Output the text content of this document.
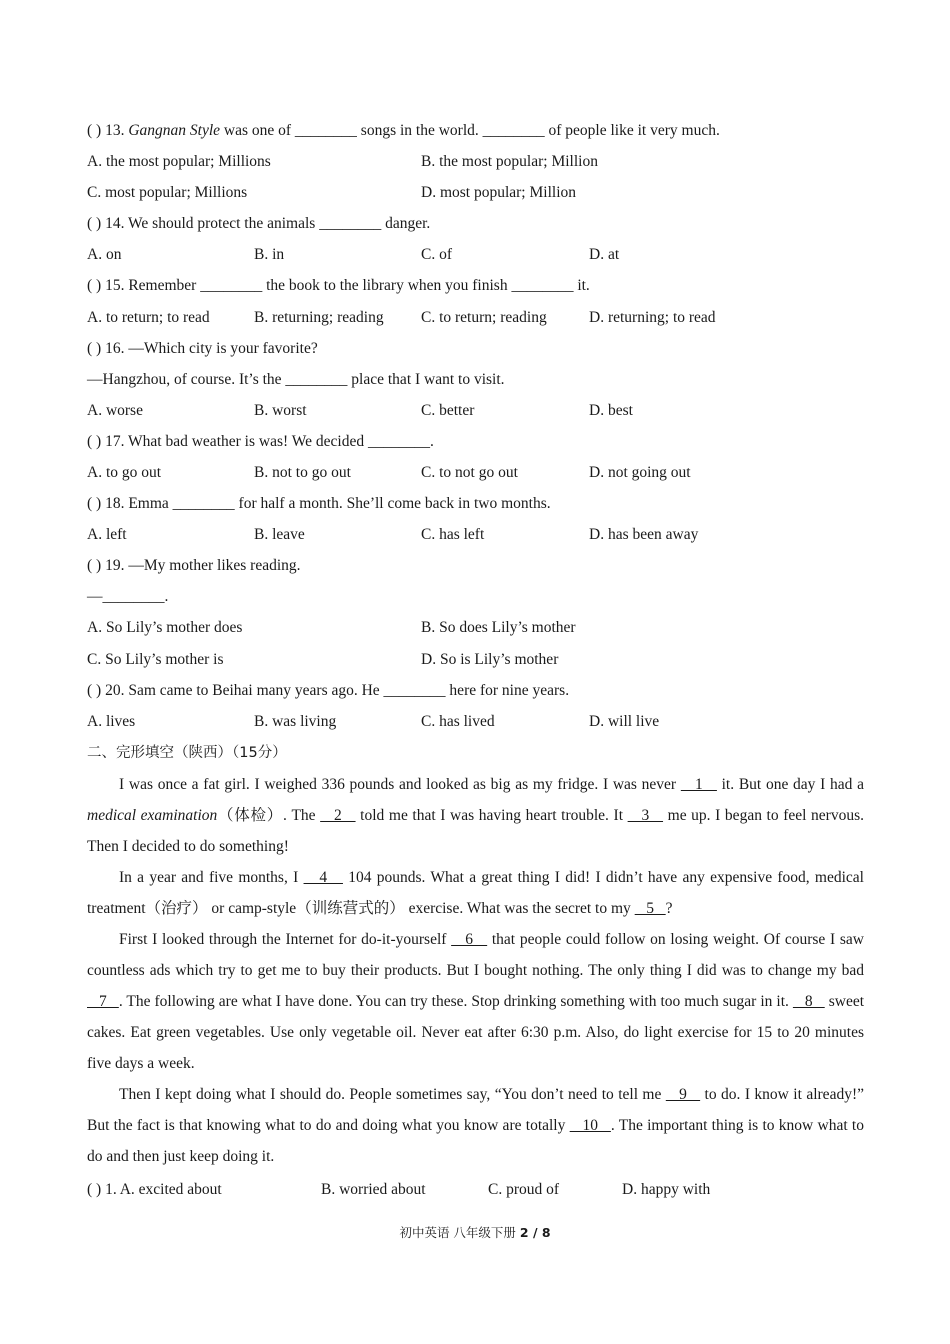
( ) 13. Gangnan Style was one of ________ songs in the world. ________ of people like it very much.
A. the most popular; Millions	B. the most popular; Million
C. most popular; Millions	D. most popular; Million
( ) 14. We should protect the animals ________ danger.
A. on	B. in	C. of	D. at
( ) 15. Remember ________ the book to the library when you finish ________ it.
A. to return; to read	B. returning; reading C. to return; reading	D. returning; to read
( ) 16. —Which city is your favorite?
—Hangzhou, of course. It’s the ________ place that I want to visit.
A. worse	B. worst	C. better	D. best
( ) 17. What bad weather is was! We decided ________.
A. to go out	B. not to go out	C. to not go out	D. not going out
( ) 18. Emma ________ for half a month. She’ll come back in two months.
A. left	B. leave	C. has left	D. has been away
( ) 19. —My mother likes reading.
—________.
A. So Lily’s mother does	B. So does Lily’s mother
C. So Lily’s mother is	D. So is Lily’s mother
( ) 20. Sam came to Beihai many years ago. He ________ here for nine years.
A. lives	B. was living	C. has lived	D. will live
二、完形填空（陕西）（15分）

I was once a fat girl. I weighed 336 pounds and looked as big as my fridge. I was never    1    it. But one day I had a medical examination（体检）. The    2    told me that I was having heart trouble. It    3    me up. I began to feel nervous. Then I decided to do something!

In a year and five months, I    4    104 pounds. What a great thing I did! I didn’t have any expensive food, medical treatment（治疗） or camp-style（训练营式的） exercise. What was the secret to my    5   ?

First I looked through the Internet for do-it-yourself    6    that people could follow on losing weight. Of course I saw countless ads which try to get me to buy their products. But I bought nothing. The only thing I did was to change my bad    7   . The following are what I have done. You can try these. Stop drinking something with too much sugar in it.    8    sweet cakes. Eat green vegetables. Use only vegetable oil. Never eat after 6:30 p.m. Also, do light exercise for 15 to 20 minutes five days a week.

Then I kept doing what I should do. People sometimes say, “You don’t need to tell me    9    to do. I know it already!” But the fact is that knowing what to do and doing what you know are totally    10   . The important thing is to know what to do and then just keep doing it.

( ) 1. A. excited about	B. worried about	C. proud of	D. happy with
初中英语 八年级下册 2 / 8
